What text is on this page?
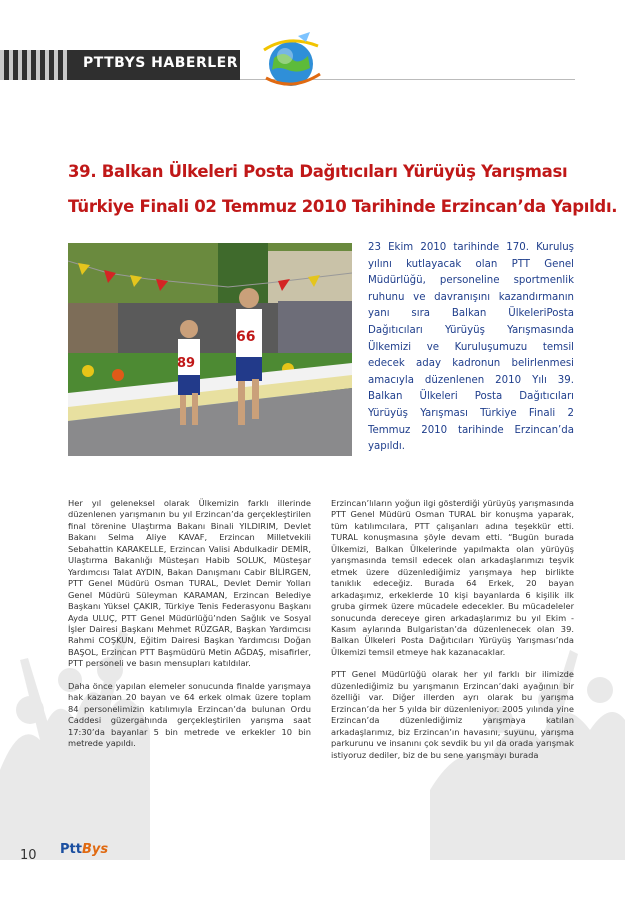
PTTBYS HABERLER
39. Balkan Ülkeleri Posta Dağıtıcıları Yürüyüş Yarışması
Türkiye Finali 02 Temmuz 2010 Tarihinde Erzincan’da Yapıldı.
89
66

23 Ekim 2010 tarihinde 170. Kuruluş yılını kutlayacak olan PTT Genel Müdürlüğü, personeline sportmenlik ruhunu ve davranışını kazandırmanın yanı sıra Balkan ÜlkeleriPosta Dağıtıcıları Yürüyüş Yarışmasında Ülkemizi ve Kuruluşumuzu temsil edecek aday kadronun belirlenmesi amacıyla düzenlenen 2010 Yılı 39. Balkan Ülkeleri Posta Dağıtıcıları Yürüyüş Yarışması Türkiye Finali 2 Temmuz 2010 tarihinde Erzincan’da yapıldı.

Her yıl geleneksel olarak Ülkemizin farklı illerinde düzenlenen yarışmanın bu yıl Erzincan’da gerçekleştirilen final törenine Ulaştırma Bakanı Binali YILDIRIM, Devlet Bakanı Selma Aliye KAVAF, Erzincan Milletvekili Sebahattin KARAKELLE, Erzincan Valisi Abdulkadir DEMİR, Ulaştırma Bakanlığı Müsteşarı Habib SOLUK, Müsteşar Yardımcısı Talat AYDIN, Bakan Danışmanı Cabir BİLİRGEN, PTT Genel Müdürü Osman TURAL, Devlet Demir Yolları Genel Müdürü Süleyman KARAMAN, Erzincan Belediye Başkanı Yüksel ÇAKIR, Türkiye Tenis Federasyonu Başkanı Ayda ULUÇ, PTT Genel Müdürlüğü’nden Sağlık ve Sosyal İşler Dairesi Başkanı Mehmet RÜZGAR, Başkan Yardımcısı Rahmi COŞKUN, Eğitim Dairesi Başkan Yardımcısı Doğan BAŞOL, Erzincan PTT Başmüdürü Metin AĞDAŞ, misafirler, PTT personeli ve basın mensupları katıldılar.

Daha önce yapılan elemeler sonucunda finalde yarışmaya hak kazanan 20 bayan ve 64 erkek olmak üzere toplam 84 personelimizin katılımıyla Erzincan’da bulunan Ordu Caddesi güzergahında gerçekleştirilen yarışma saat 17:30’da bayanlar 5 bin metrede ve erkekler 10 bin metrede yapıldı.

Erzincan’lıların yoğun ilgi gösterdiği yürüyüş yarışmasında PTT Genel Müdürü Osman TURAL bir konuşma yaparak, tüm katılımcılara, PTT çalışanları adına teşekkür etti. TURAL konuşmasına şöyle devam etti. “Bugün burada Ülkemizi, Balkan Ülkelerinde yapılmakta olan yürüyüş yarışmasında temsil edecek olan arkadaşlarımızı teşvik etmek üzere düzenlediğimiz yarışmaya hep birlikte tanıklık edeceğiz. Burada 64 Erkek, 20 bayan arkadaşımız, erkeklerde 10 kişi bayanlarda 6 kişilik ilk gruba girmek üzere mücadele edecekler. Bu mücadeleler sonucunda dereceye giren arkadaşlarımız bu yıl Ekim - Kasım aylarında Bulgaristan’da düzenlenecek olan 39. Balkan Ülkeleri Posta Dağıtıcıları Yürüyüş Yarışması’nda Ülkemizi temsil etmeye hak kazanacaklar.

PTT Genel Müdürlüğü olarak her yıl farklı bir ilimizde düzenlediğimiz bu yarışmanın Erzincan’daki ayağının bir özelliği var. Diğer illerden ayrı olarak bu yarışma Erzincan’da her 5 yılda bir düzenleniyor. 2005 yılında yine Erzincan’da düzenlediğimiz yarışmaya katılan arkadaşlarımız, biz Erzincan’ın havasını, suyunu, yarışma parkurunu ve insanını çok sevdik bu yıl da orada yarışmak istiyoruz dediler, biz de bu sene yarışmayı burada

10 PttBys
